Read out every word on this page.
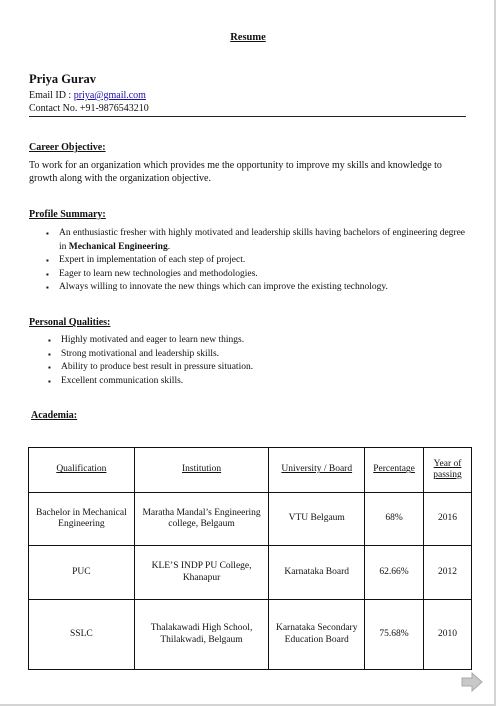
Resume
Priya Gurav
Email ID : priya@gmail.com
Contact No. +91-9876543210
Career Objective:
To work for an organization which provides me the opportunity to improve my skills and knowledge to growth along with the organization objective.
Profile Summary:
▪ An enthusiastic fresher with highly motivated and leadership skills having bachelors of engineering degree in Mechanical Engineering.
▪ Expert in implementation of each step of project.
▪ Eager to learn new technologies and methodologies.
▪ Always willing to innovate the new things which can improve the existing technology.
Personal Qualities:
▪ Highly motivated and eager to learn new things.
▪ Strong motivational and leadership skills.
▪ Ability to produce best result in pressure situation.
▪ Excellent communication skills.
Academia:
Qualification	Institution	University / Board	Percentage	Year of passing
Bachelor in Mechanical Engineering	Maratha Mandal’s Engineering college, Belgaum	VTU Belgaum	68%	2016
PUC	KLE’S INDP PU College, Khanapur	Karnataka Board	62.66%	2012
SSLC	Thalakawadi High School, Thilakwadi, Belgaum	Karnataka Secondary Education Board	75.68%	2010
